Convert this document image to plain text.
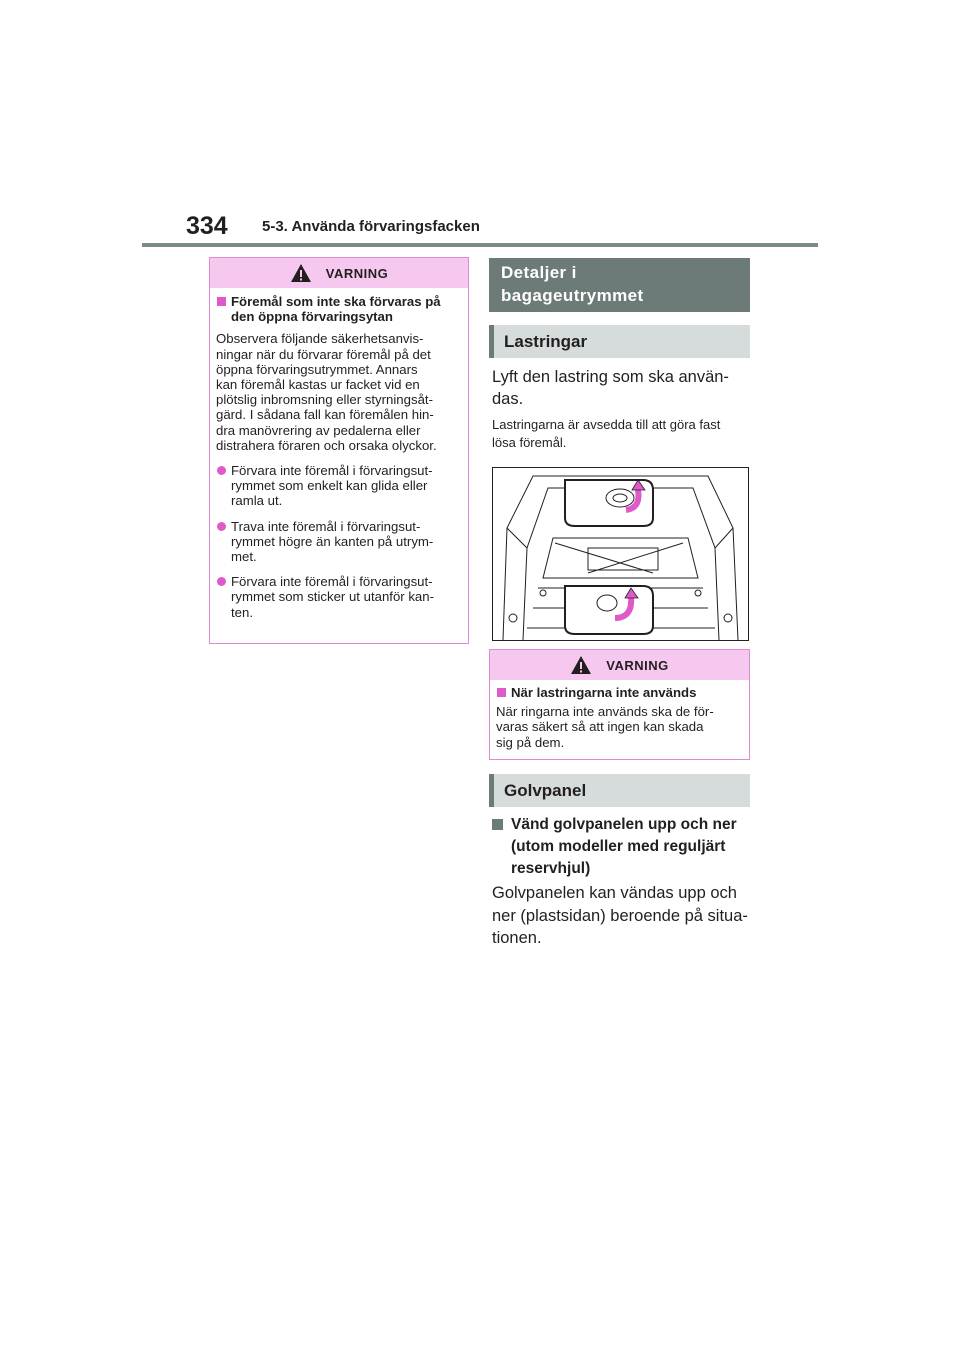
334 5-3. Använda förvaringsfacken
VARNING
Föremål som inte ska förvaras på
den öppna förvaringsytan

Observera följande säkerhetsanvis-
ningar när du förvarar föremål på det
öppna förvaringsutrymmet. Annars
kan föremål kastas ur facket vid en
plötslig inbromsning eller styrningsåt-
gärd. I sådana fall kan föremålen hin-
dra manövrering av pedalerna eller
distrahera föraren och orsaka olyckor.

Förvara inte föremål i förvaringsut-
rymmet som enkelt kan glida eller
ramla ut.
Trava inte föremål i förvaringsut-
rymmet högre än kanten på utrym-
met.
Förvara inte föremål i förvaringsut-
rymmet som sticker ut utanför kan-
ten.
Detaljer i
bagageutrymmet
Lastringar
Lyft den lastring som ska använ-
das.
Lastringarna är avsedda till att göra fast
lösa föremål.
VARNING
När lastringarna inte används

När ringarna inte används ska de för-
varas säkert så att ingen kan skada
sig på dem.

Golvpanel
Vänd golvpanelen upp och ner
(utom modeller med reguljärt
reservhjul)
Golvpanelen kan vändas upp och
ner (plastsidan) beroende på situa-
tionen.
